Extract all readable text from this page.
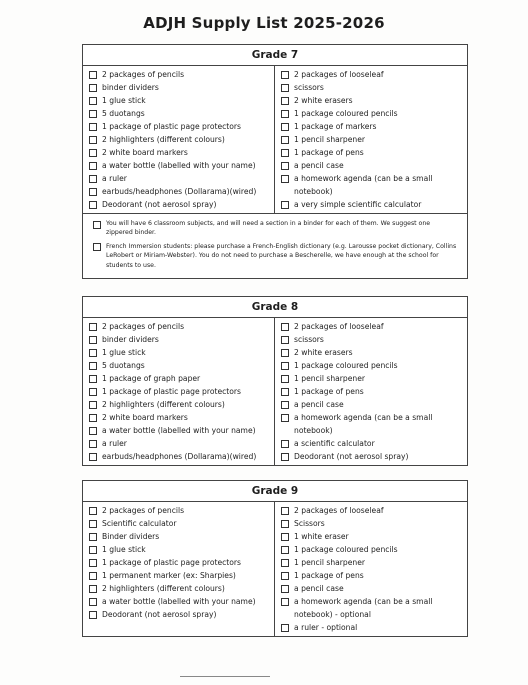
ADJH Supply List 2025-2026
Grade 7
2 packages of pencils
binder dividers
1 glue stick
5 duotangs
1 package of plastic page protectors
2 highlighters (different colours)
2 white board markers
a water bottle (labelled with your name)
a ruler
earbuds/headphones (Dollarama)(wired)
Deodorant (not aerosol spray)
2 packages of looseleaf
scissors
2 white erasers
1 package coloured pencils
1 package of markers
1 pencil sharpener
1 package of pens
a pencil case
a homework agenda (can be a small notebook)
a very simple scientific calculator
You will have 6 classroom subjects, and will need a section in a binder for each of them. We suggest one zippered binder.
French Immersion students: please purchase a French-English dictionary (e.g. Larousse pocket dictionary, Collins LeRobert or Miriam-Webster). You do not need to purchase a Bescherelle, we have enough at the school for students to use.
Grade 8
2 packages of pencils
binder dividers
1 glue stick
5 duotangs
1 package of graph paper
1 package of plastic page protectors
2 highlighters (different colours)
2 white board markers
a water bottle (labelled with your name)
a ruler
earbuds/headphones (Dollarama)(wired)
2 packages of looseleaf
scissors
2 white erasers
1 package coloured pencils
1 pencil sharpener
1 package of pens
a pencil case
a homework agenda (can be a small notebook)
a scientific calculator
Deodorant (not aerosol spray)
Grade 9
2 packages of pencils
Scientific calculator
Binder dividers
1 glue stick
1 package of plastic page protectors
1 permanent marker (ex: Sharpies)
2 highlighters (different colours)
a water bottle (labelled with your name)
Deodorant (not aerosol spray)
2 packages of looseleaf
Scissors
1 white eraser
1 package coloured pencils
1 pencil sharpener
1 package of pens
a pencil case
a homework agenda (can be a small notebook) - optional
a ruler - optional
